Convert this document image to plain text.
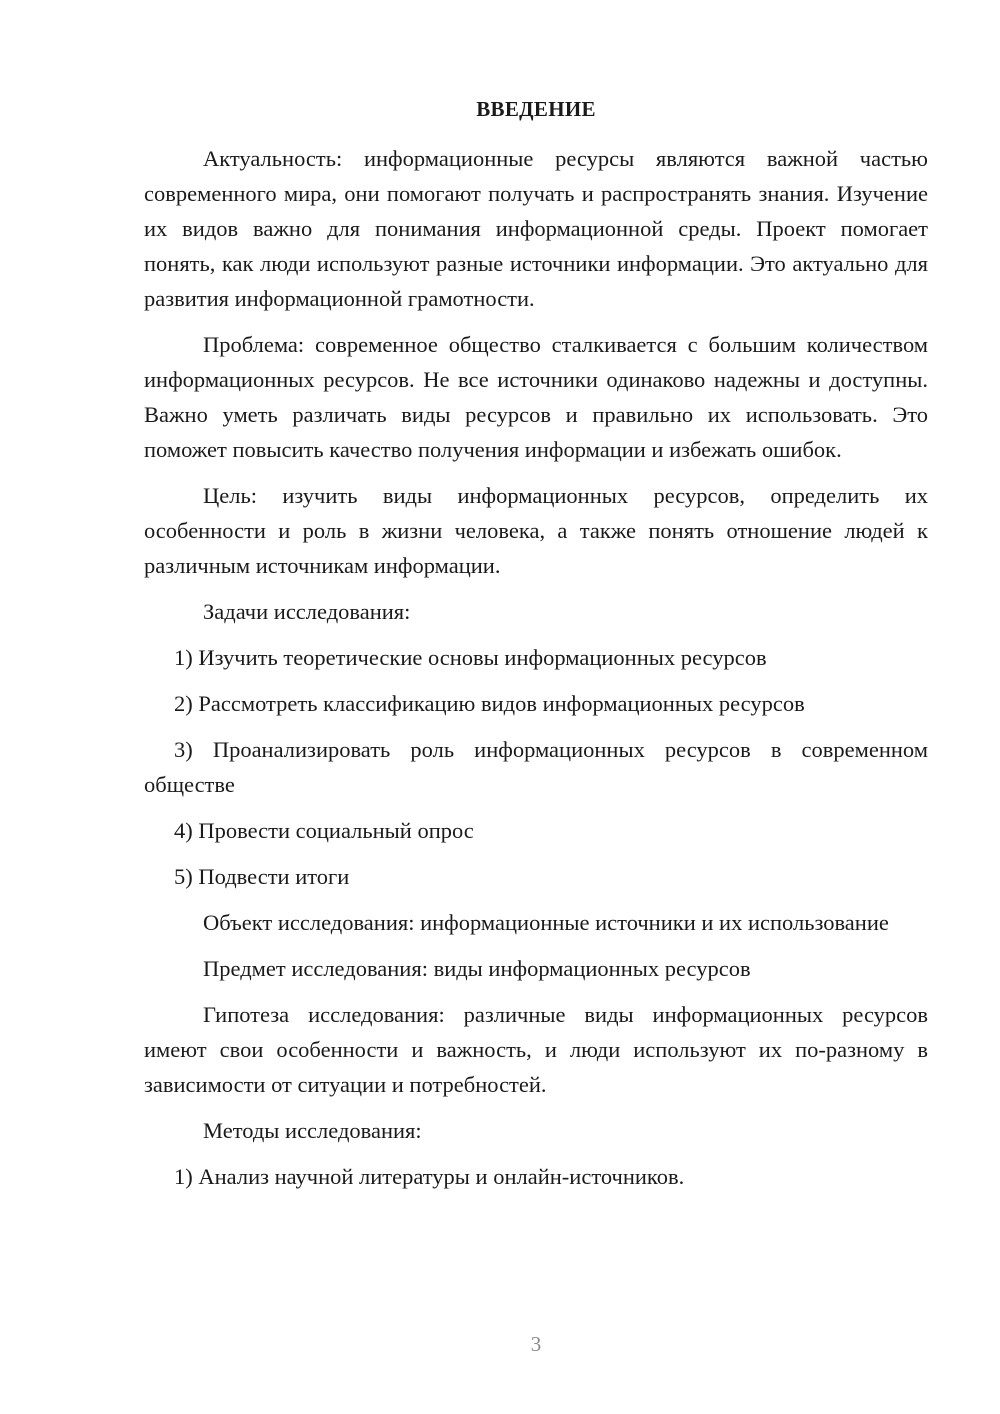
ВВЕДЕНИЕ

Актуальность: информационные ресурсы являются важной частью современного мира, они помогают получать и распространять знания. Изучение их видов важно для понимания информационной среды. Проект помогает понять, как люди используют разные источники информации. Это актуально для развития информационной грамотности.

Проблема: современное общество сталкивается с большим количеством информационных ресурсов. Не все источники одинаково надежны и доступны. Важно уметь различать виды ресурсов и правильно их использовать. Это поможет повысить качество получения информации и избежать ошибок.

Цель: изучить виды информационных ресурсов, определить их особенности и роль в жизни человека, а также понять отношение людей к различным источникам информации.

Задачи исследования:

1) Изучить теоретические основы информационных ресурсов

2) Рассмотреть классификацию видов информационных ресурсов

3) Проанализировать роль информационных ресурсов в современном обществе

4) Провести социальный опрос

5) Подвести итоги

Объект исследования: информационные источники и их использование

Предмет исследования: виды информационных ресурсов

Гипотеза исследования: различные виды информационных ресурсов имеют свои особенности и важность, и люди используют их по-разному в зависимости от ситуации и потребностей.

Методы исследования:

1) Анализ научной литературы и онлайн-источников.

3
